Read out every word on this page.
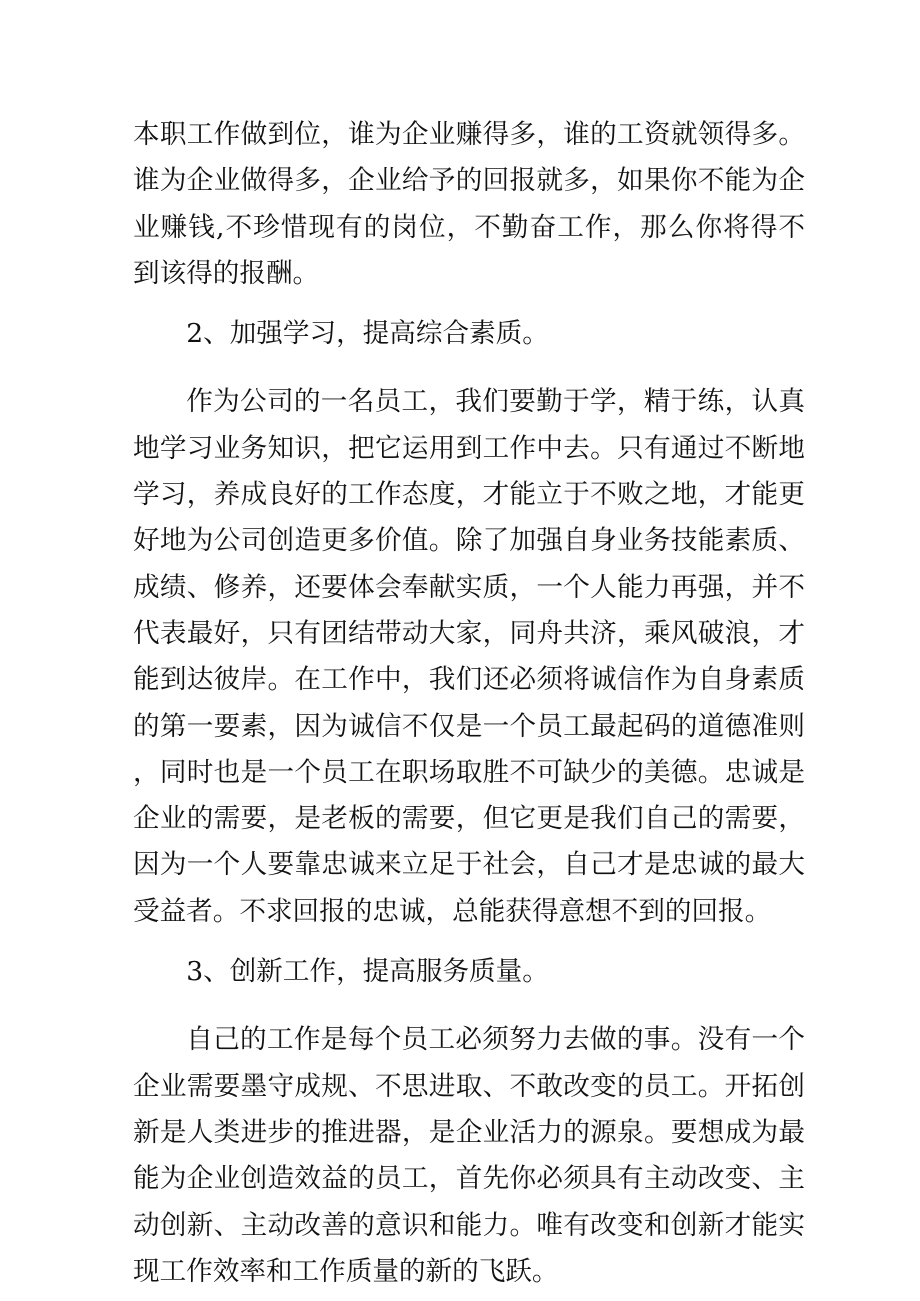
本职工作做到位，谁为企业赚得多，谁的工资就领得多。谁为企业做得多，企业给予的回报就多，如果你不能为企业赚钱,不珍惜现有的岗位，不勤奋工作，那么你将得不到该得的报酬。

2、加强学习，提高综合素质。

作为公司的一名员工，我们要勤于学，精于练，认真地学习业务知识，把它运用到工作中去。只有通过不断地学习，养成良好的工作态度，才能立于不败之地，才能更好地为公司创造更多价值。除了加强自身业务技能素质、成绩、修养，还要体会奉献实质，一个人能力再强，并不代表最好，只有团结带动大家，同舟共济，乘风破浪，才能到达彼岸。在工作中，我们还必须将诚信作为自身素质的第一要素，因为诚信不仅是一个员工最起码的道德准则，同时也是一个员工在职场取胜不可缺少的美德。忠诚是企业的需要，是老板的需要，但它更是我们自己的需要，因为一个人要靠忠诚来立足于社会，自己才是忠诚的最大受益者。不求回报的忠诚，总能获得意想不到的回报。

3、创新工作，提高服务质量。

自己的工作是每个员工必须努力去做的事。没有一个企业需要墨守成规、不思进取、不敢改变的员工。开拓创新是人类进步的推进器，是企业活力的源泉。要想成为最能为企业创造效益的员工，首先你必须具有主动改变、主动创新、主动改善的意识和能力。唯有改变和创新才能实现工作效率和工作质量的新的飞跃。
